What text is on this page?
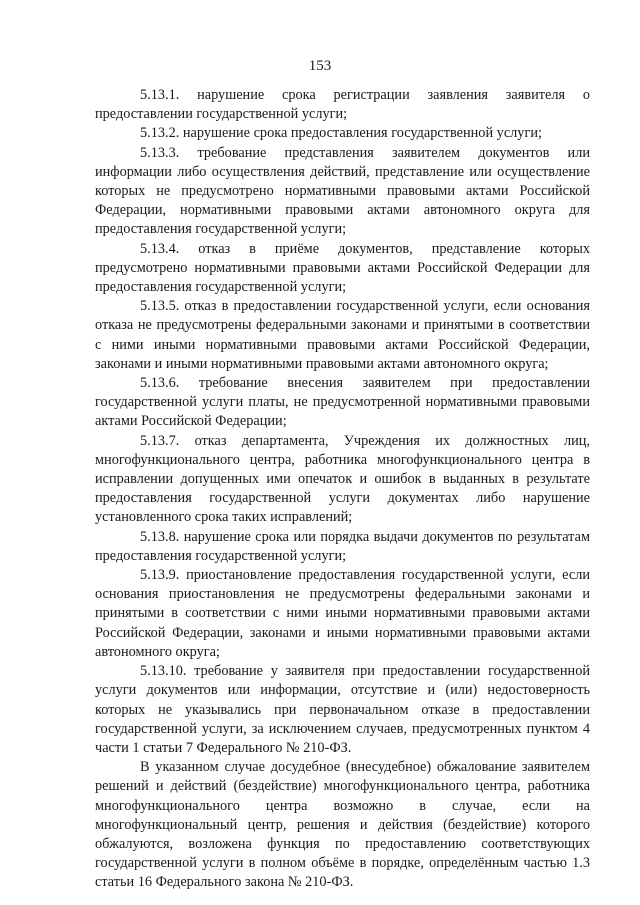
153

5.13.1. нарушение срока регистрации заявления заявителя о предоставлении государственной услуги;

5.13.2. нарушение срока предоставления государственной услуги;

5.13.3. требование представления заявителем документов или информации либо осуществления действий, представление или осуществление которых не предусмотрено нормативными правовыми актами Российской Федерации, нормативными правовыми актами автономного округа для предоставления государственной услуги;

5.13.4. отказ в приёме документов, представление которых предусмотрено нормативными правовыми актами Российской Федерации для предоставления государственной услуги;

5.13.5. отказ в предоставлении государственной услуги, если основания отказа не предусмотрены федеральными законами и принятыми в соответствии с ними иными нормативными правовыми актами Российской Федерации, законами и иными нормативными правовыми актами автономного округа;

5.13.6. требование внесения заявителем при предоставлении государственной услуги платы, не предусмотренной нормативными правовыми актами Российской Федерации;

5.13.7. отказ департамента, Учреждения их должностных лиц, многофункционального центра, работника многофункционального центра в исправлении допущенных ими опечаток и ошибок в выданных в результате предоставления государственной услуги документах либо нарушение установленного срока таких исправлений;

5.13.8. нарушение срока или порядка выдачи документов по результатам предоставления государственной услуги;

5.13.9. приостановление предоставления государственной услуги, если основания приостановления не предусмотрены федеральными законами и принятыми в соответствии с ними иными нормативными правовыми актами Российской Федерации, законами и иными нормативными правовыми актами автономного округа;

5.13.10. требование у заявителя при предоставлении государственной услуги документов или информации, отсутствие и (или) недостоверность которых не указывались при первоначальном отказе в предоставлении государственной услуги, за исключением случаев, предусмотренных пунктом 4 части 1 статьи 7 Федерального № 210-ФЗ.

В указанном случае досудебное (внесудебное) обжалование заявителем решений и действий (бездействие) многофункционального центра, работника многофункционального центра возможно в случае, если на многофункциональный центр, решения и действия (бездействие) которого обжалуются, возложена функция по предоставлению соответствующих государственной услуги в полном объёме в порядке, определённым частью 1.3 статьи 16 Федерального закона № 210-ФЗ.
